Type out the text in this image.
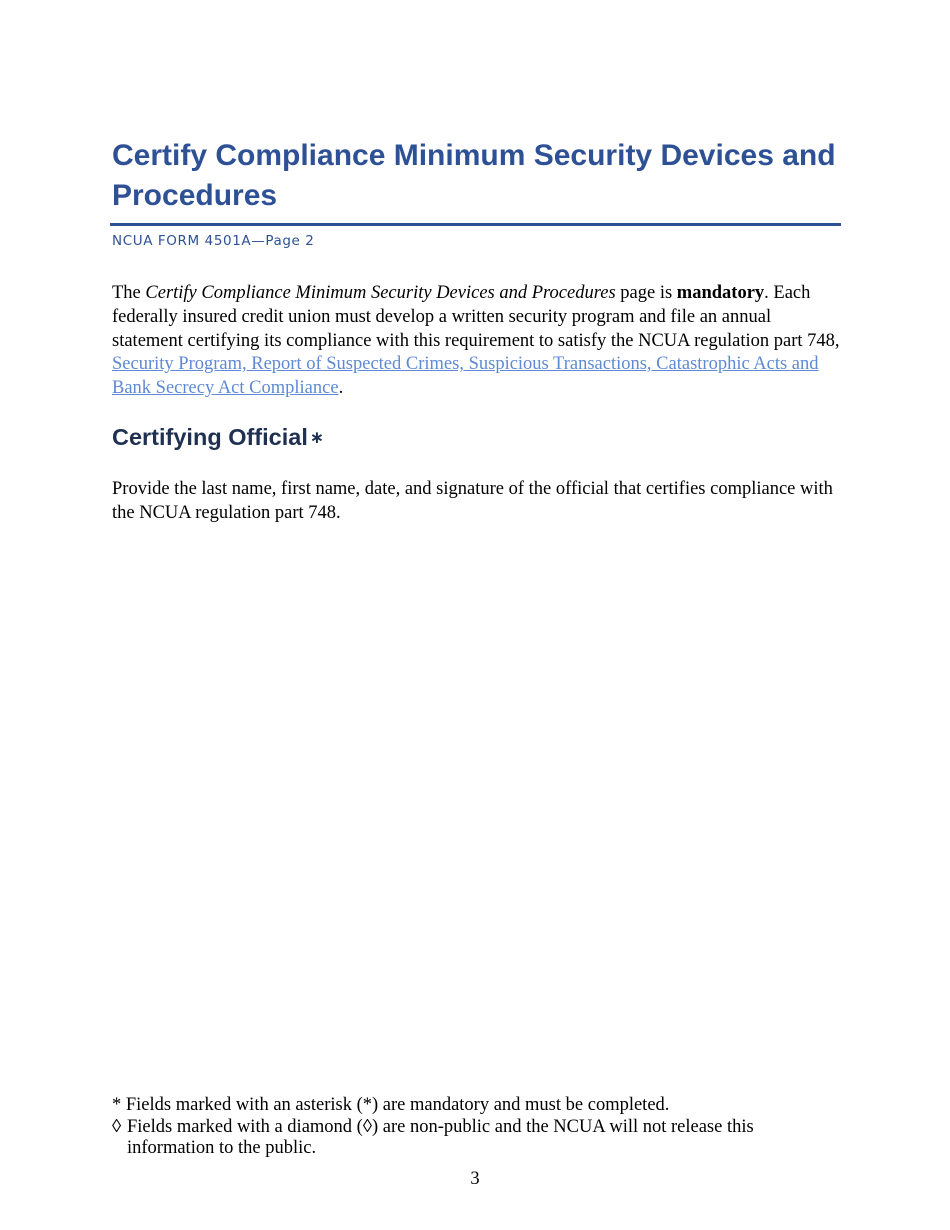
Certify Compliance Minimum Security Devices and Procedures
NCUA FORM 4501A—Page 2

The Certify Compliance Minimum Security Devices and Procedures page is mandatory. Each federally insured credit union must develop a written security program and file an annual statement certifying its compliance with this requirement to satisfy the NCUA regulation part 748, Security Program, Report of Suspected Crimes, Suspicious Transactions, Catastrophic Acts and Bank Secrecy Act Compliance.

Certifying Official ∗

Provide the last name, first name, date, and signature of the official that certifies compliance with the NCUA regulation part 748.

* Fields marked with an asterisk (*) are mandatory and must be completed.

◊ Fields marked with a diamond (◊) are non-public and the NCUA will not release this information to the public.

3
